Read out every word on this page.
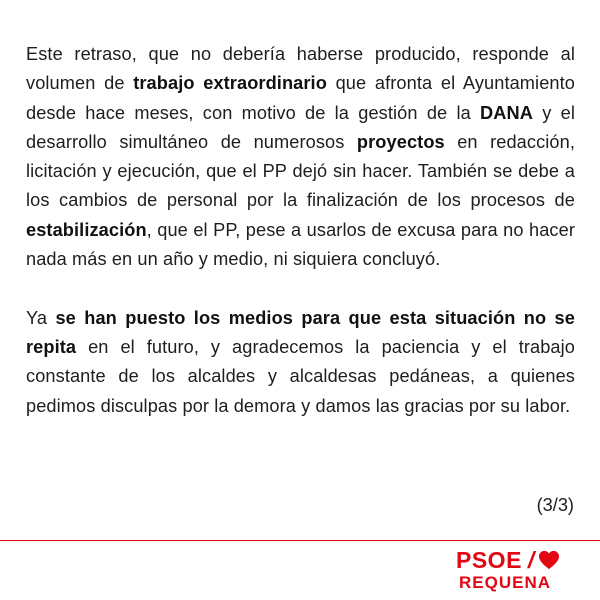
Este retraso, que no debería haberse producido, responde al volumen de trabajo extraordinario que afronta el Ayuntamiento desde hace meses, con motivo de la gestión de la DANA y el desarrollo simultáneo de numerosos proyectos en redacción, licitación y ejecución, que el PP dejó sin hacer. También se debe a los cambios de personal por la finalización de los procesos de estabilización, que el PP, pese a usarlos de excusa para no hacer nada más en un año y medio, ni siquiera concluyó.

Ya se han puesto los medios para que esta situación no se repita en el futuro, y agradecemos la paciencia y el trabajo constante de los alcaldes y alcaldesas pedáneas, a quienes pedimos disculpas por la demora y damos las gracias por su labor.

(3/3)
PSOE /
REQUENA
